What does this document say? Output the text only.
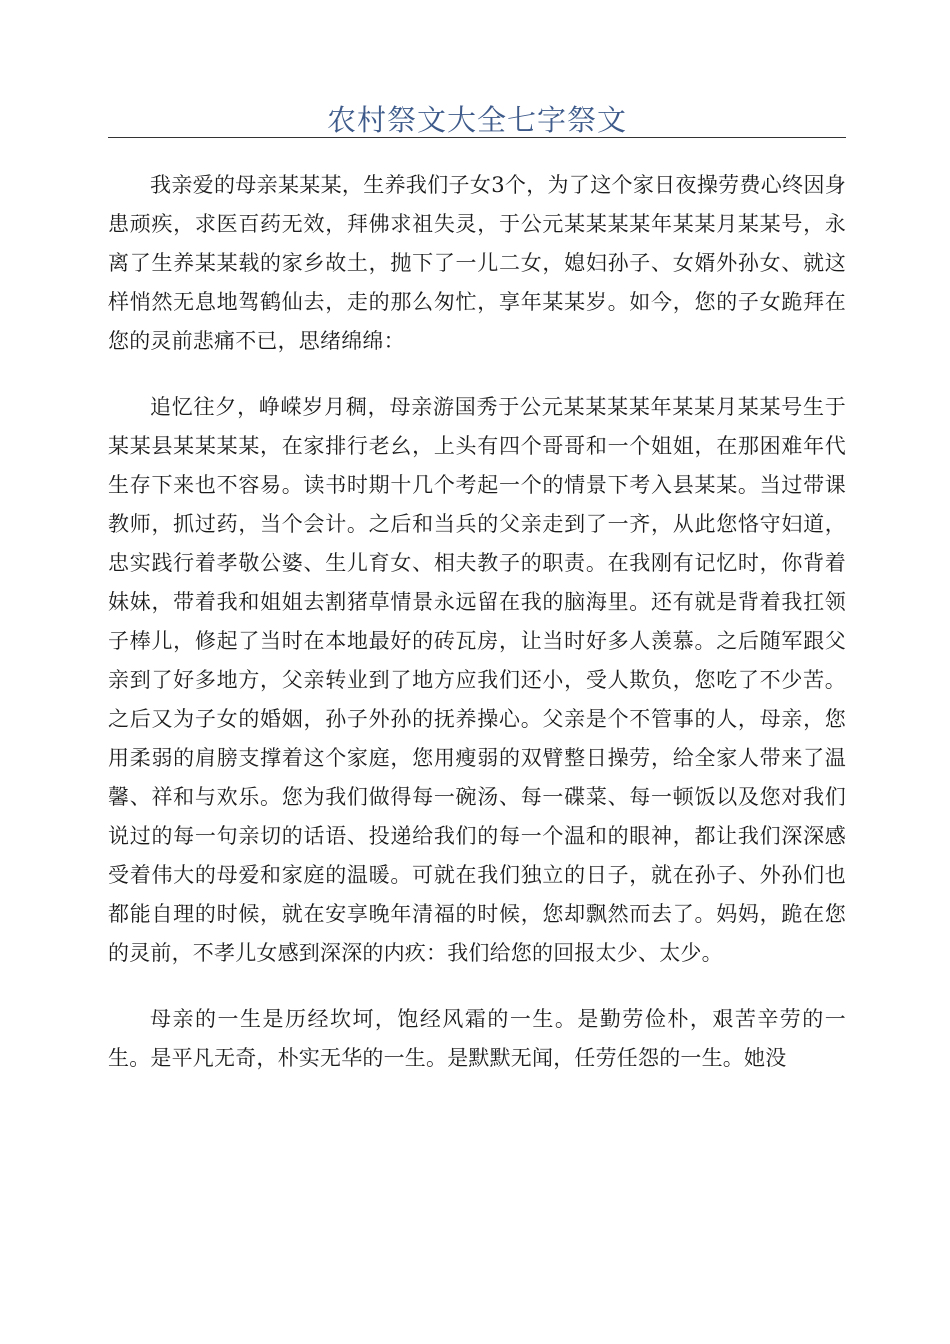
农村祭文大全七字祭文

我亲爱的母亲某某某，生养我们子女3个，为了这个家日夜操劳费心终因身患顽疾，求医百药无效，拜佛求祖失灵，于公元某某某某年某某月某某号，永离了生养某某载的家乡故土，抛下了一儿二女，媳妇孙子、女婿外孙女、就这样悄然无息地驾鹤仙去，走的那么匆忙，享年某某岁。如今，您的子女跪拜在您的灵前悲痛不已，思绪绵绵：

追忆往夕，峥嵘岁月稠，母亲游国秀于公元某某某某年某某月某某号生于某某县某某某某，在家排行老幺，上头有四个哥哥和一个姐姐，在那困难年代生存下来也不容易。读书时期十几个考起一个的情景下考入县某某。当过带课教师，抓过药，当个会计。之后和当兵的父亲走到了一齐，从此您恪守妇道，忠实践行着孝敬公婆、生儿育女、相夫教子的职责。在我刚有记忆时，你背着妹妹，带着我和姐姐去割猪草情景永远留在我的脑海里。还有就是背着我扛领子棒儿，修起了当时在本地最好的砖瓦房，让当时好多人羡慕。之后随军跟父亲到了好多地方，父亲转业到了地方应我们还小，受人欺负，您吃了不少苦。之后又为子女的婚姻，孙子外孙的抚养操心。父亲是个不管事的人，母亲，您用柔弱的肩膀支撑着这个家庭，您用瘦弱的双臂整日操劳，给全家人带来了温馨、祥和与欢乐。您为我们做得每一碗汤、每一碟菜、每一顿饭以及您对我们说过的每一句亲切的话语、投递给我们的每一个温和的眼神，都让我们深深感受着伟大的母爱和家庭的温暖。可就在我们独立的日子，就在孙子、外孙们也都能自理的时候，就在安享晚年清福的时候，您却飘然而去了。妈妈，跪在您的灵前，不孝儿女感到深深的内疚：我们给您的回报太少、太少。

母亲的一生是历经坎坷，饱经风霜的一生。是勤劳俭朴，艰苦辛劳的一生。是平凡无奇，朴实无华的一生。是默默无闻，任劳任怨的一生。她没
